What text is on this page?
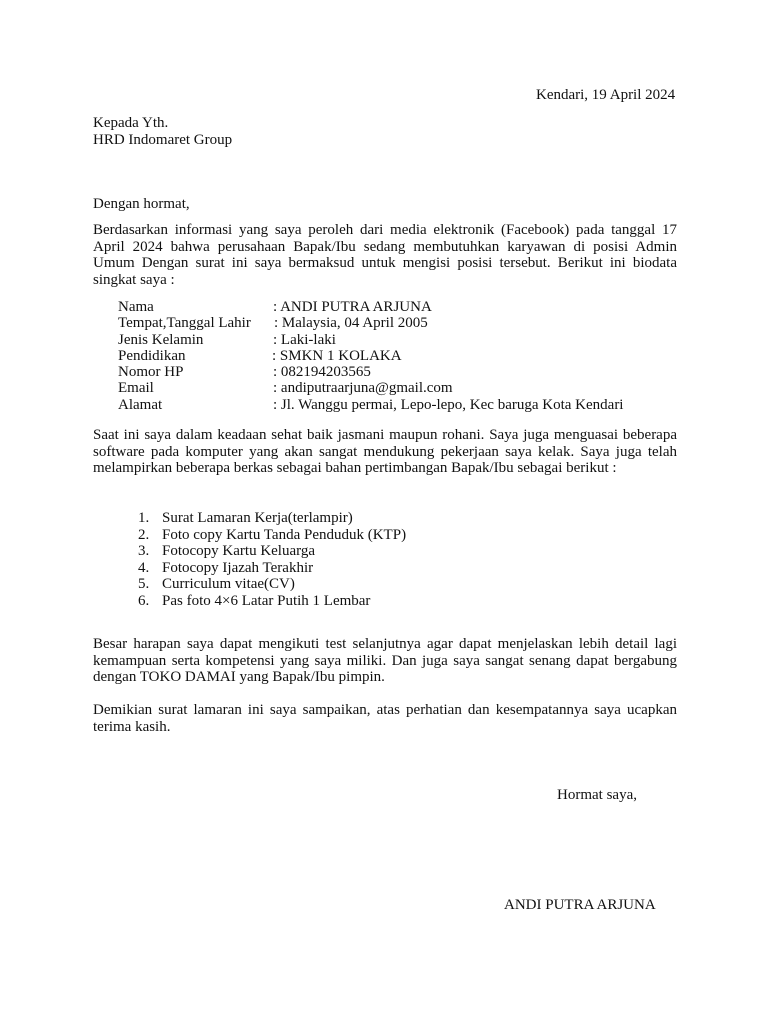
Kendari, 19 April 2024
Kepada Yth.
HRD Indomaret Group
Dengan hormat,

Berdasarkan informasi yang saya peroleh dari media elektronik (Facebook) pada tanggal 17 April 2024 bahwa perusahaan Bapak/Ibu sedang membutuhkan karyawan di posisi Admin Umum Dengan surat ini saya bermaksud untuk mengisi posisi tersebut. Berikut ini biodata singkat saya :

Nama	: ANDI PUTRA ARJUNA
Tempat,Tanggal Lahir : Malaysia, 04 April 2005
Jenis Kelamin	: Laki-laki
Pendidikan	: SMKN 1 KOLAKA
Nomor HP	: 082194203565
Email	: andiputraarjuna@gmail.com
Alamat	: Jl. Wanggu permai, Lepo-lepo, Kec baruga Kota Kendari

Saat ini saya dalam keadaan sehat baik jasmani maupun rohani. Saya juga menguasai beberapa software pada komputer yang akan sangat mendukung pekerjaan saya kelak. Saya juga telah melampirkan beberapa berkas sebagai bahan pertimbangan Bapak/Ibu sebagai berikut :

1. Surat Lamaran Kerja(terlampir)
2. Foto copy Kartu Tanda Penduduk (KTP)
3. Fotocopy Kartu Keluarga
4. Fotocopy Ijazah Terakhir
5. Curriculum vitae(CV)
6. Pas foto 4×6 Latar Putih 1 Lembar

Besar harapan saya dapat mengikuti test selanjutnya agar dapat menjelaskan lebih detail lagi kemampuan serta kompetensi yang saya miliki. Dan juga saya sangat senang dapat bergabung dengan TOKO DAMAI yang Bapak/Ibu pimpin.

Demikian surat lamaran ini saya sampaikan, atas perhatian dan kesempatannya saya ucapkan terima kasih.

Hormat saya,
ANDI PUTRA ARJUNA
